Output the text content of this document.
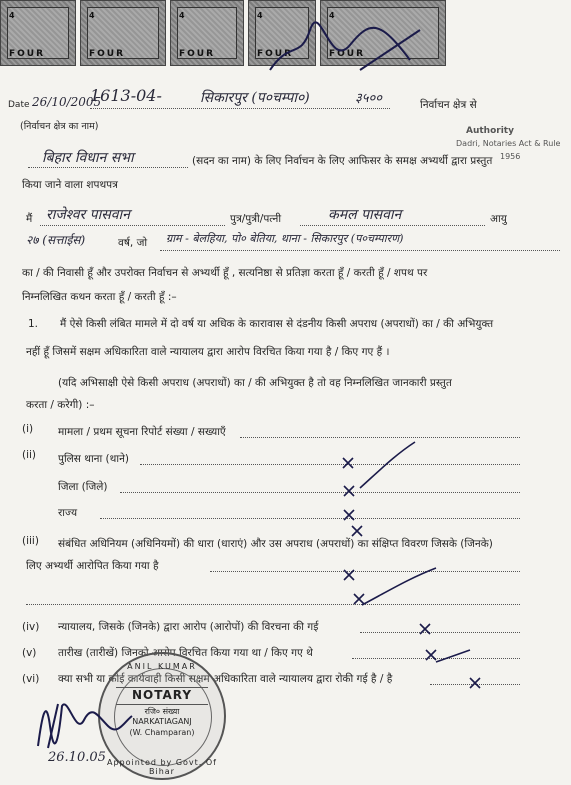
4
FOUR
4
FOUR
4
FOUR
4
FOUR
4
FOUR
Date 26/10/2005
1613-04-	सिकारपुर (प०चम्पा०)	३५००	निर्वाचन क्षेत्र से
(निर्वाचन क्षेत्र का नाम)	Authority
Dadri, Notaries Act & Rule
1956
बिहार विधान सभा	(सदन का नाम) के लिए निर्वाचन के लिए आफिसर के समक्ष अभ्यर्थी द्वारा प्रस्तुत
किया जाने वाला शपथपत्र
मैं राजेश्वर पासवान	पुत्र/पुत्री/पत्नी	कमल पासवान	आयु
२७ (सत्ताईस)	वर्ष, जो ग्राम - बेलहिया, पो० बेतिया, थाना - सिकारपुर (प०चम्पारण)
का / की निवासी हूँ और उपरोक्त निर्वाचन से अभ्यर्थी हूँ , सत्यनिष्ठा से प्रतिज्ञा करता हूँ / करती हूँ / शपथ पर
निम्नलिखित कथन करता हूँ / करती हूँ :–
1. मैं ऐसे किसी लंबित मामले में दो वर्ष या अधिक के कारावास से दंडनीय किसी अपराध (अपराधों) का / की अभियुक्त
नहीं हूँ जिसमें सक्षम अधिकारिता वाले न्यायालय द्वारा आरोप विरचित किया गया है / किए गए हैं ।
(यदि अभिसाक्षी ऐसे किसी अपराध (अपराधों) का / की अभियुक्त है तो वह निम्नलिखित जानकारी प्रस्तुत
करता / करेगी) :–
(i) मामला / प्रथम सूचना रिपोर्ट संख्या / सख्याएँ
(ii) पुलिस थाना (थाने)
जिला (जिले)
राज्य
(iii) संबंधित अधिनियम (अधिनियमों) की धारा (धाराएं) और उस अपराध (अपराधों) का संक्षिप्त विवरण जिसके (जिनके)
लिए अभ्यर्थी आरोपित किया गया है
(iv) न्यायालय, जिसके (जिनके) द्वारा आरोप (आरोपों) की विरचना की गई
(v) तारीख (तारीखें) जिनको आरोप विरचित किया गया था / किए गए थे
(vi) क्या सभी या कोई कार्यवाही किसी सक्षम अधिकारिता वाले न्यायालय द्वारा रोकी गई है / है
ANIL KUMAR
NOTARY
रजि० संख्या
NARKATIAGANJ
(W. Champaran)
Appointed by Govt. Of Bihar
26.10.05
